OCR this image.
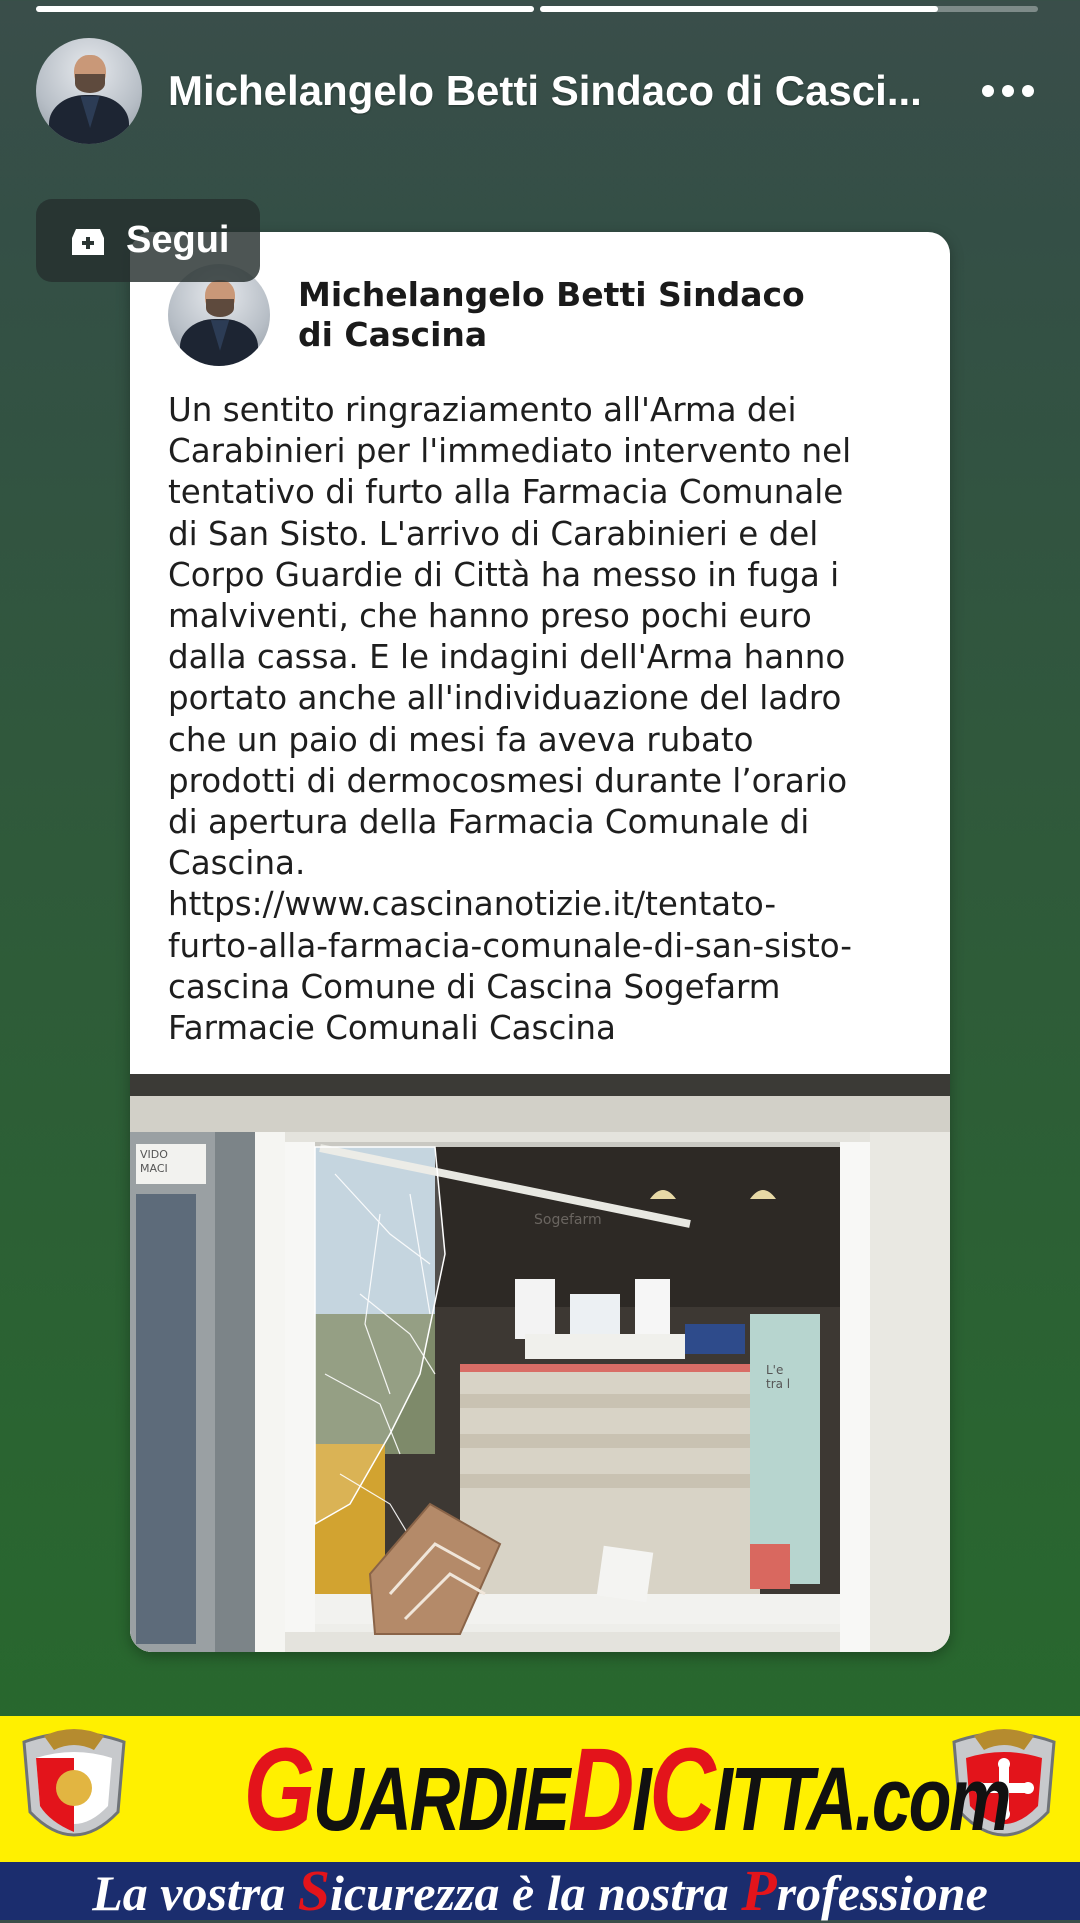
Michelangelo Betti Sindaco di Casci...
Segui
Michelangelo Betti Sindaco
di Cascina
Un sentito ringraziamento all'Arma dei
Carabinieri per l'immediato intervento nel
tentativo di furto alla Farmacia Comunale
di San Sisto. L'arrivo di Carabinieri e del
Corpo Guardie di Città ha messo in fuga i
malviventi, che hanno preso pochi euro
dalla cassa. E le indagini dell'Arma hanno
portato anche all'individuazione del ladro
che un paio di mesi fa aveva rubato
prodotti di dermocosmesi durante l’orario
di apertura della Farmacia Comunale di
Cascina.
https://www.cascinanotizie.it/tentato-
furto-alla-farmacia-comunale-di-san-sisto-
cascina Comune di Cascina Sogefarm
Farmacie Comunali Cascina
VIDO
MACI
Sogefarm
L'e
tra l
GUARDIEDICITTA.com
La vostra Sicurezza è la nostra Professione
